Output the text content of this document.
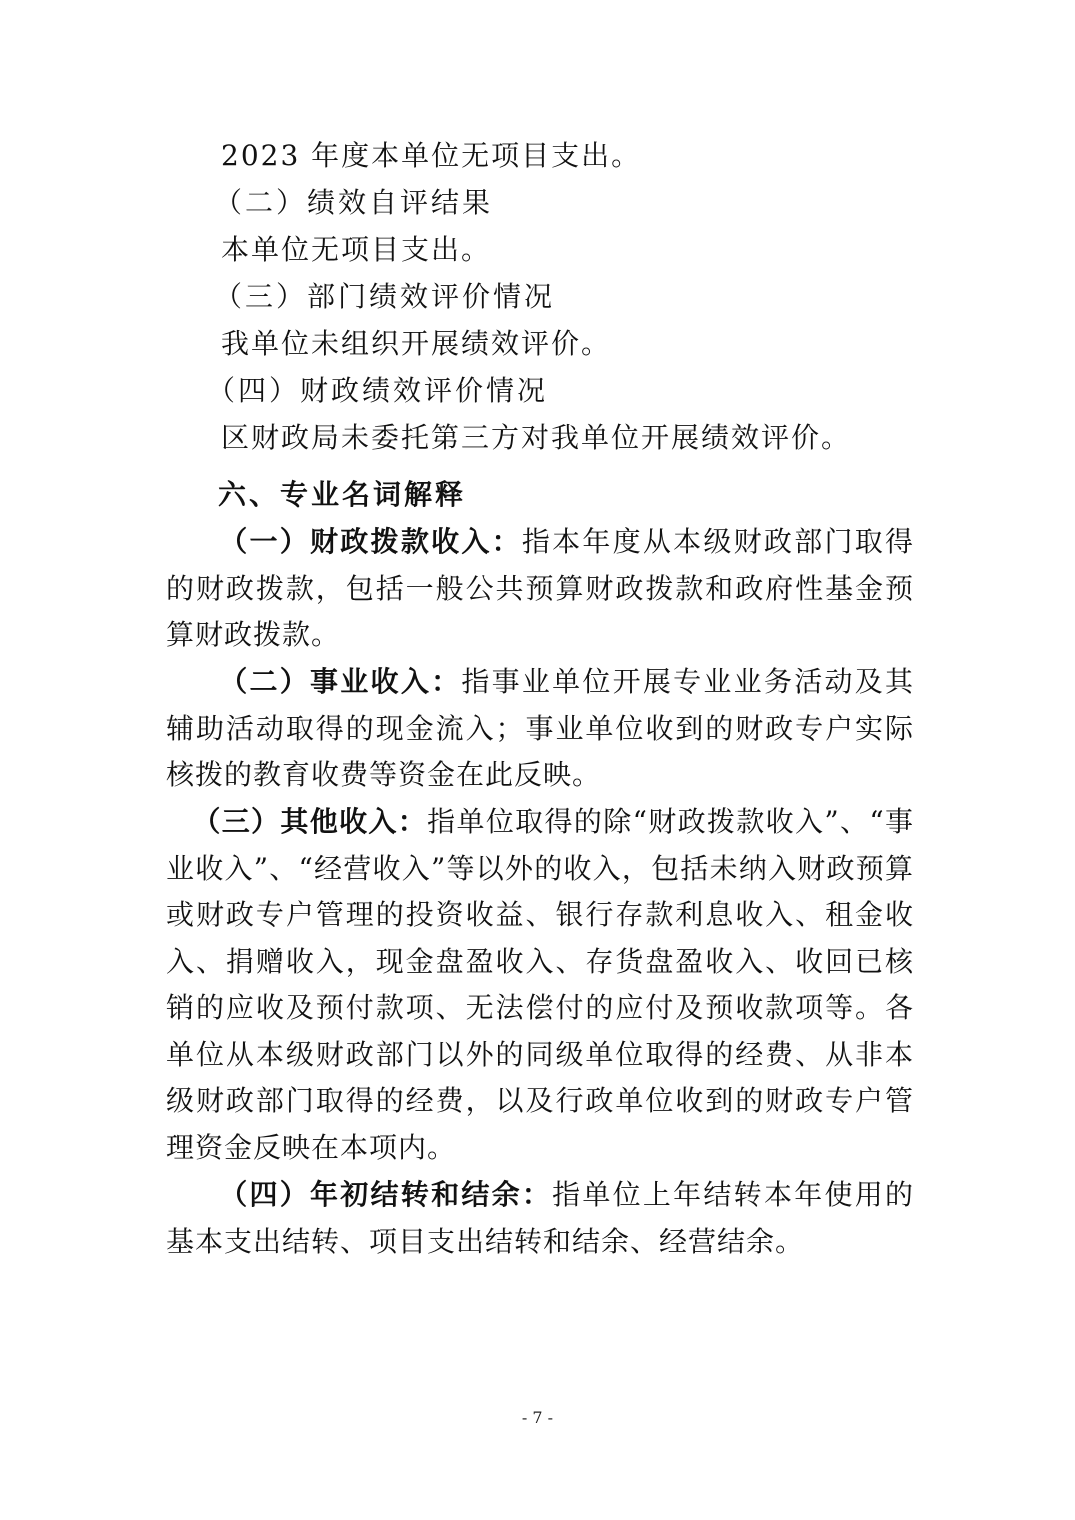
2023 年度本单位无项目支出。
（二）绩效自评结果
本单位无项目支出。
（三）部门绩效评价情况
我单位未组织开展绩效评价。
（四）财政绩效评价情况
区财政局未委托第三方对我单位开展绩效评价。
六、专业名词解释
（一）财政拨款收入：指本年度从本级财政部门取得的财政拨款，包括一般公共预算财政拨款和政府性基金预算财政拨款。
（二）事业收入：指事业单位开展专业业务活动及其辅助活动取得的现金流入；事业单位收到的财政专户实际核拨的教育收费等资金在此反映。
（三）其他收入：指单位取得的除“财政拨款收入”、“事业收入”、“经营收入”等以外的收入，包括未纳入财政预算或财政专户管理的投资收益、银行存款利息收入、租金收入、捐赠收入，现金盘盈收入、存货盘盈收入、收回已核销的应收及预付款项、无法偿付的应付及预收款项等。各单位从本级财政部门以外的同级单位取得的经费、从非本级财政部门取得的经费，以及行政单位收到的财政专户管理资金反映在本项内。
（四）年初结转和结余：指单位上年结转本年使用的基本支出结转、项目支出结转和结余、经营结余。
- 7 -
